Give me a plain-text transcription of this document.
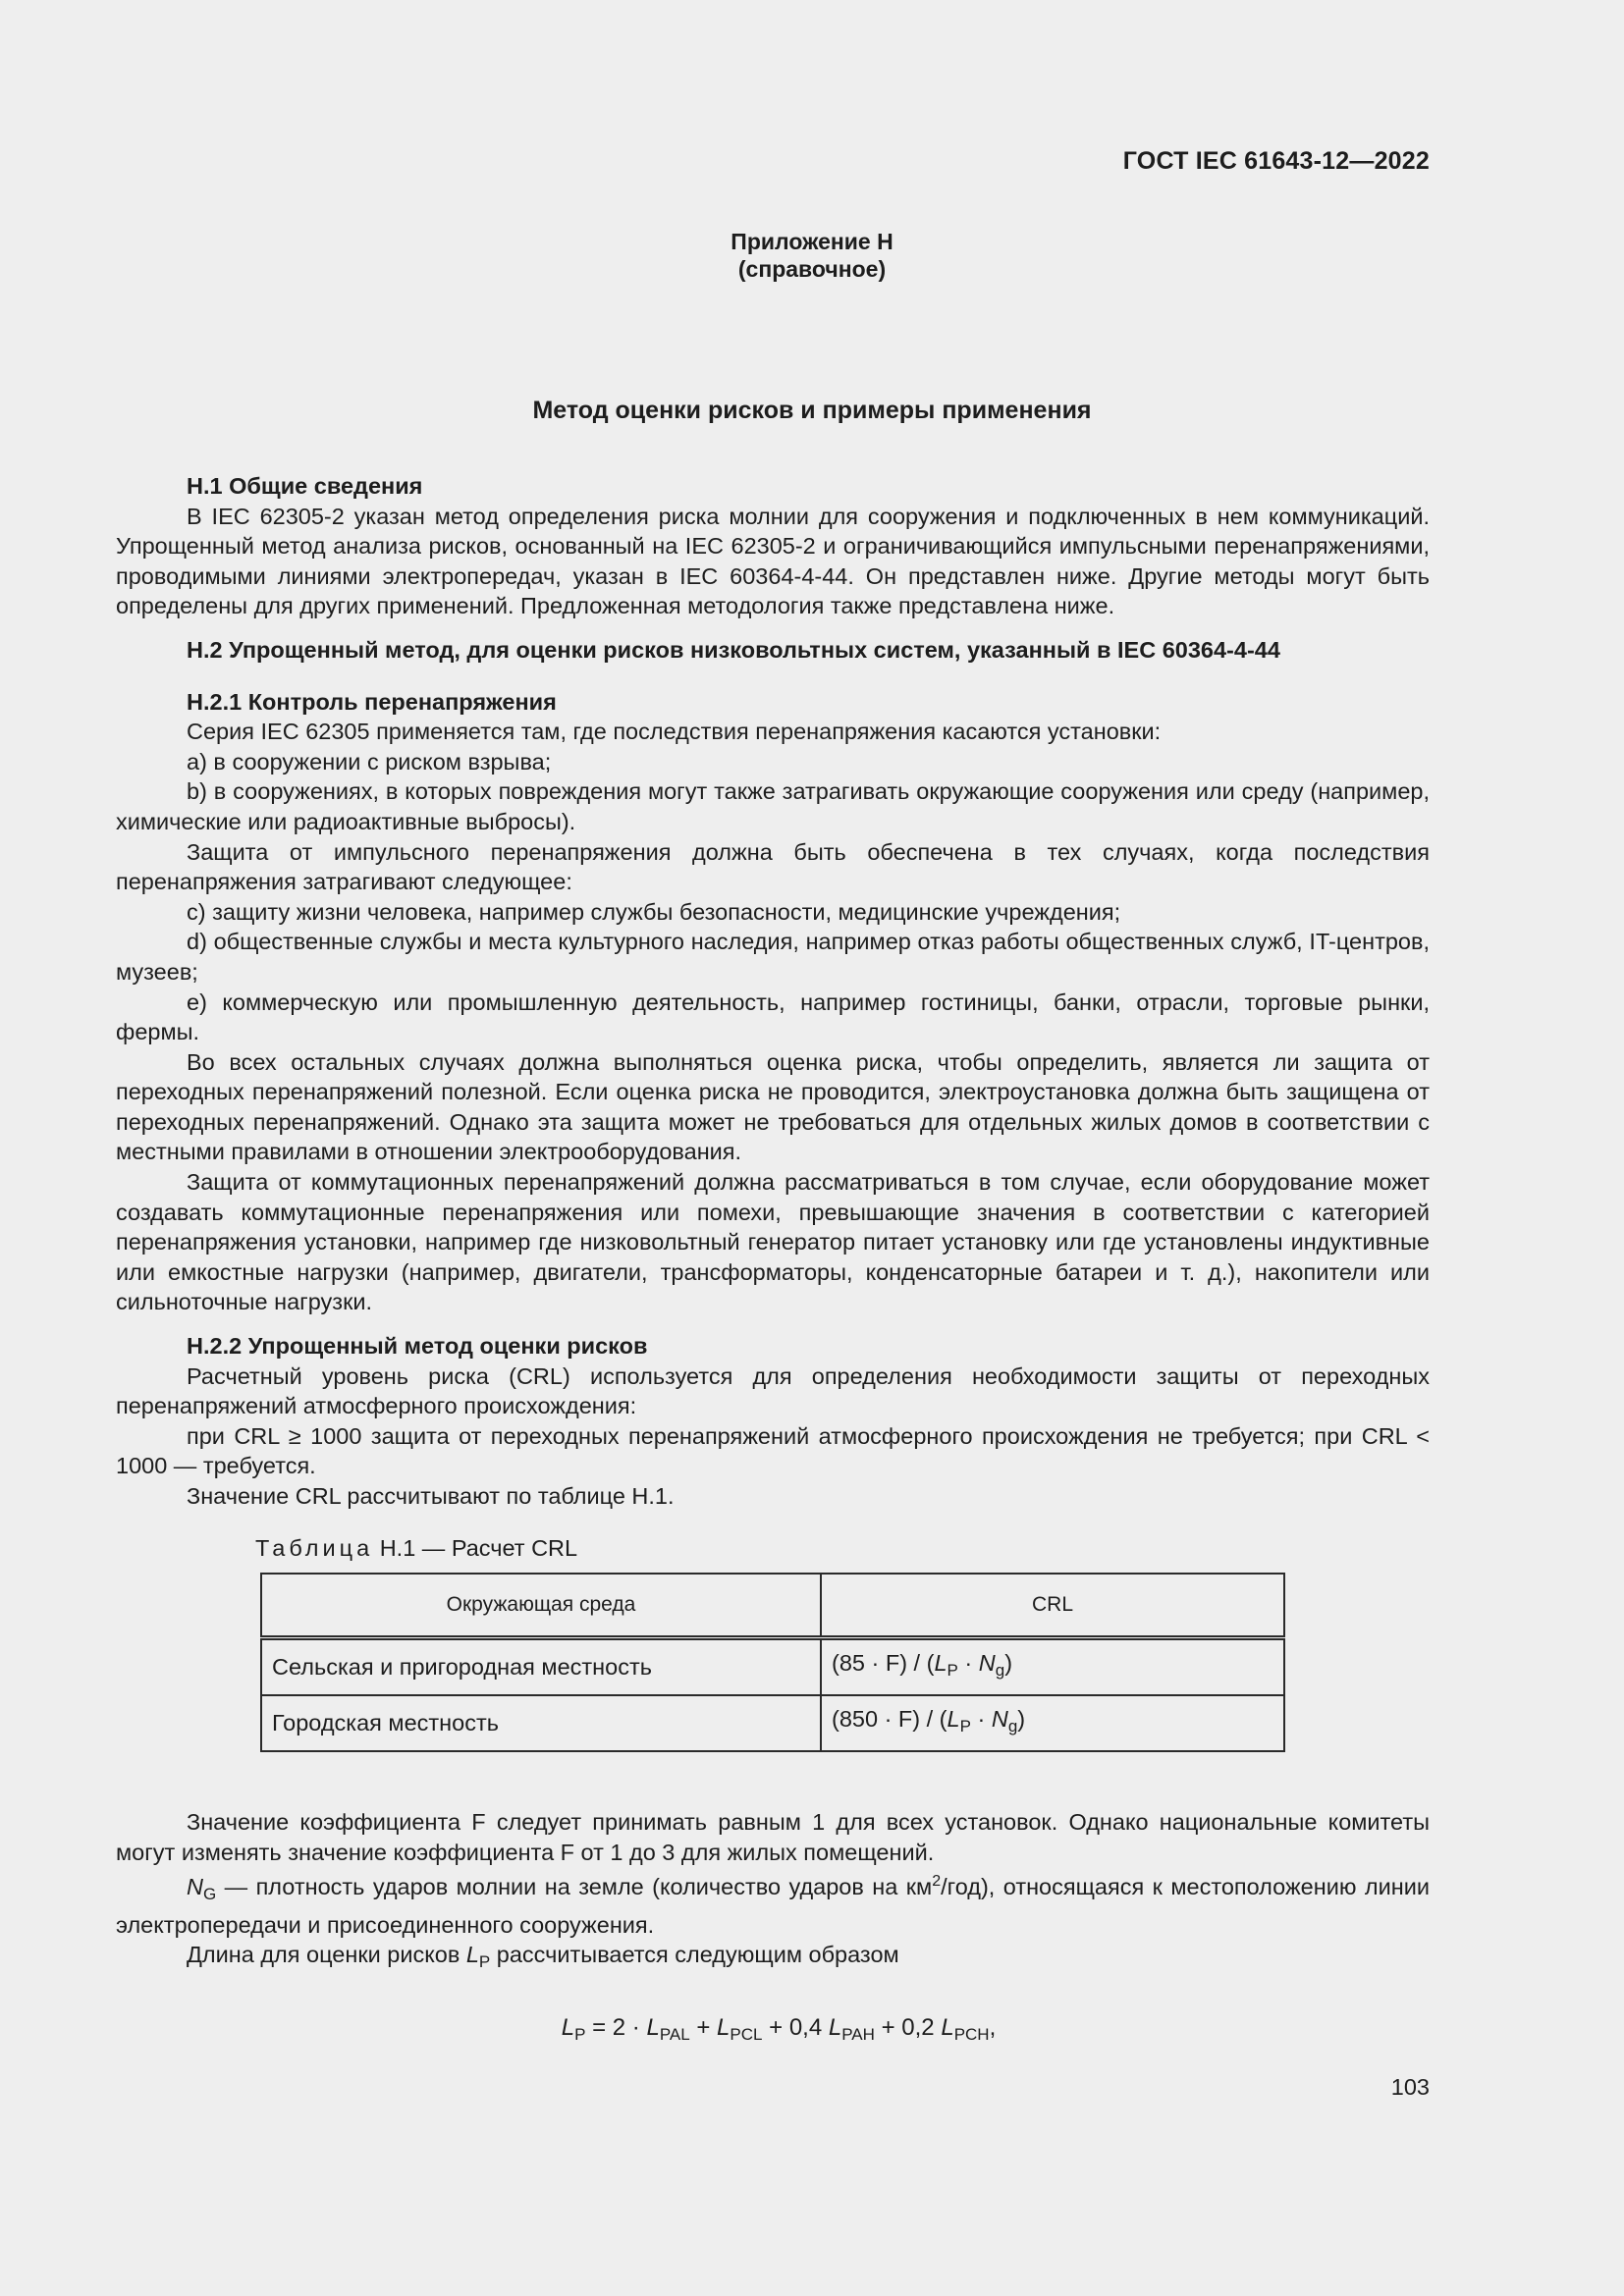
ГОСТ IEC 61643-12—2022
Приложение Н
(справочное)
Метод оценки рисков и примеры применения
Н.1 Общие сведения

В IEC 62305-2 указан метод определения риска молнии для сооружения и подключенных в нем коммуникаций. Упрощенный метод анализа рисков, основанный на IEC 62305-2 и ограничивающийся импульсными перенапряжениями, проводимыми линиями электропередач, указан в IEC 60364-4-44. Он представлен ниже. Другие методы могут быть определены для других применений. Предложенная методология также представлена ниже.

Н.2 Упрощенный метод, для оценки рисков низковольтных систем, указанный в IEC 60364-4-44
Н.2.1 Контроль перенапряжения

Серия IEC 62305 применяется там, где последствия перенапряжения касаются установки:

a) в сооружении с риском взрыва;

b) в сооружениях, в которых повреждения могут также затрагивать окружающие сооружения или среду (например, химические или радиоактивные выбросы).

Защита от импульсного перенапряжения должна быть обеспечена в тех случаях, когда последствия перенапряжения затрагивают следующее:

c) защиту жизни человека, например службы безопасности, медицинские учреждения;

d) общественные службы и места культурного наследия, например отказ работы общественных служб, IT-центров, музеев;

e) коммерческую или промышленную деятельность, например гостиницы, банки, отрасли, торговые рынки, фермы.

Во всех остальных случаях должна выполняться оценка риска, чтобы определить, является ли защита от переходных перенапряжений полезной. Если оценка риска не проводится, электроустановка должна быть защищена от переходных перенапряжений. Однако эта защита может не требоваться для отдельных жилых домов в соответствии с местными правилами в отношении электрооборудования.

Защита от коммутационных перенапряжений должна рассматриваться в том случае, если оборудование может создавать коммутационные перенапряжения или помехи, превышающие значения в соответствии с категорией перенапряжения установки, например где низковольтный генератор питает установку или где установлены индуктивные или емкостные нагрузки (например, двигатели, трансформаторы, конденсаторные батареи и т. д.), накопители или сильноточные нагрузки.

Н.2.2 Упрощенный метод оценки рисков

Расчетный уровень риска (CRL) используется для определения необходимости защиты от переходных перенапряжений атмосферного происхождения:

при CRL ≥ 1000 защита от переходных перенапряжений атмосферного происхождения не требуется; при CRL < 1000 — требуется.

Значение CRL рассчитывают по таблице Н.1.

Таблица Н.1 — Расчет CRL
Окружающая среда	CRL
Сельская и пригородная местность	$(85 \cdot F) / (L_P \cdot N_g)$
Городская местность	$(850 \cdot F) / (L_P \cdot N_g)$

Значение коэффициента F следует принимать равным 1 для всех установок. Однако национальные комитеты могут изменять значение коэффициента F от 1 до 3 для жилых помещений.

$N_G$ — плотность ударов молнии на земле (количество ударов на $км^2/год$), относящаяся к местоположению линии электропередачи и присоединенного сооружения.

Длина для оценки рисков $L_P$ рассчитывается следующим образом

$L_P = 2 \cdot L_{PAL} + L_{PCL} + 0,4$ $L_{PAH} + 0,2$ $L_{PCH}$,
103
